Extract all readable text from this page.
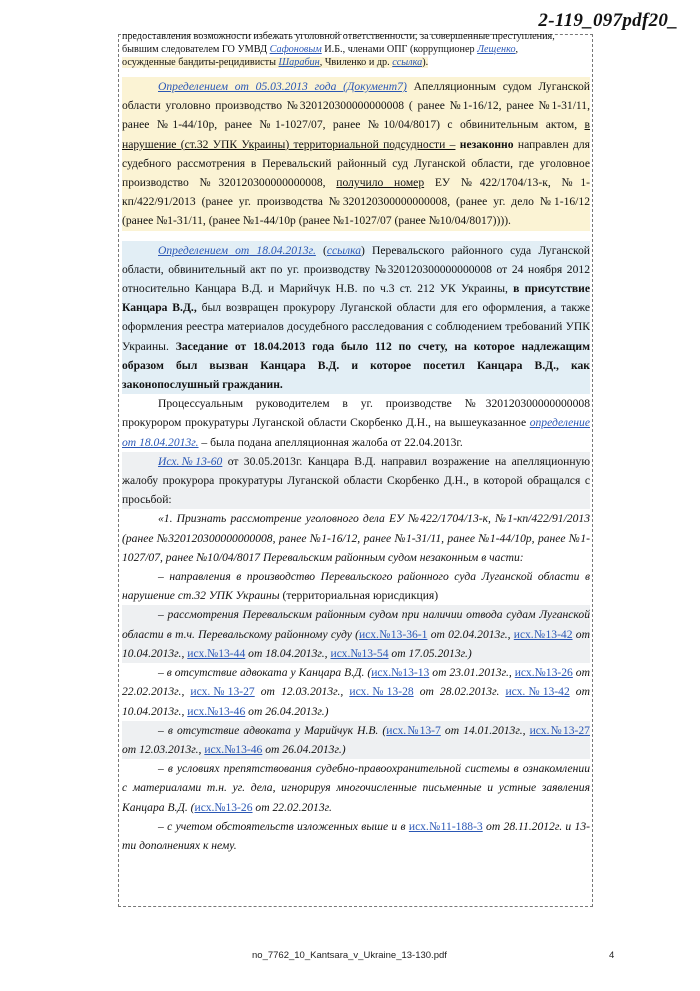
2-119_097pdf20_

предоставления возможности избежать уголовной ответственности, за совершенные преступления,
бывшим следователем ГО УМВД Сафоновым И.Б., членами ОПГ (коррупционер Лещенко,
осужденные бандиты-рецидивисты Шарабин, Чвиленко и др. ссылка).

Определением от 05.03.2013 года (Документ7) Апелляционным судом Луганской области уголовно производство №320120300000000008 ( ранее №1-16/12, ранее №1-31/11, ранее №1-44/10р, ранее №1-1027/07, ранее №10/04/8017) с обвинительным актом, в нарушение (ст.32 УПК Украины) территориальной подсудности – незаконно направлен для судебного рассмотрения в Перевальский районный суд Луганской области, где уголовное производство №320120300000000008, получило номер ЕУ №422/1704/13-к, №1-кп/422/91/2013 (ранее уг. производства №320120300000000008, (ранее уг. дело №1-16/12 (ранее №1-31/11, (ранее №1-44/10р (ранее №1-1027/07 (ранее №10/04/8017)))).

Определением от 18.04.2013г. (ссылка) Перевальского районного суда Луганской области, обвинительный акт по уг. производству №320120300000000008 от 24 ноября 2012 относительно Канцара В.Д. и Марийчук Н.В. по ч.3 ст. 212 УК Украины, в присутствие Канцара В.Д., был возвращен прокурору Луганской области для его оформления, а также оформления реестра материалов досудебного расследования с соблюдением требований УПК Украины. Заседание от 18.04.2013 года было 112 по счету, на которое надлежащим образом был вызван Канцара В.Д. и которое посетил Канцара В.Д., как законопослушный гражданин.

Процессуальным руководителем в уг. производстве №320120300000000008 прокурором прокуратуры Луганской области Скорбенко Д.Н., на вышеуказанное определение от 18.04.2013г. – была подана апелляционная жалоба от 22.04.2013г.

Исх.№13-60 от 30.05.2013г. Канцара В.Д. направил возражение на апелляционную жалобу прокурора прокуратуры Луганской области Скорбенко Д.Н., в которой обращался с просьбой:

«1. Признать рассмотрение уголовного дела ЕУ №422/1704/13-к, №1-кп/422/91/2013 (ранее №320120300000000008, ранее №1-16/12, ранее №1-31/11, ранее №1-44/10р, ранее №1-1027/07, ранее №10/04/8017 Перевальским районным судом незаконным в части:

– направления в производство Перевальского районного суда Луганской области в нарушение ст.32 УПК Украины (территориальная юрисдикция)

– рассмотрения Перевальским районным судом при наличии отвода судам Луганской области в т.ч. Перевальскому районному суду (исх.№13-36-1 от 02.04.2013г., исх.№13-42 от 10.04.2013г., исх.№13-44 от 18.04.2013г., исх.№13-54 от 17.05.2013г.)

– в отсутствие адвоката у Канцара В.Д. (исх.№13-13 от 23.01.2013г., исх.№13-26 от 22.02.2013г., исх.№13-27 от 12.03.2013г., исх.№13-28 от 28.02.2013г. исх.№13-42 от 10.04.2013г., исх.№13-46 от 26.04.2013г.)

– в отсутствие адвоката у Марийчук Н.В. (исх.№13-7 от 14.01.2013г., исх.№13-27 от 12.03.2013г., исх.№13-46 от 26.04.2013г.)

– в условиях препятствования судебно-правоохранительной системы в ознакомлении с материалами т.н. уг. дела, игнорируя многочисленные письменные и устные заявления Канцара В.Д. (исх.№13-26 от 22.02.2013г.

– с учетом обстоятельств изложенных выше и в исх.№11-188-3 от 28.11.2012г. и 13-ти дополнениях к нему.

no_7762_10_Kantsara_v_Ukraine_13-130.pdf	4
